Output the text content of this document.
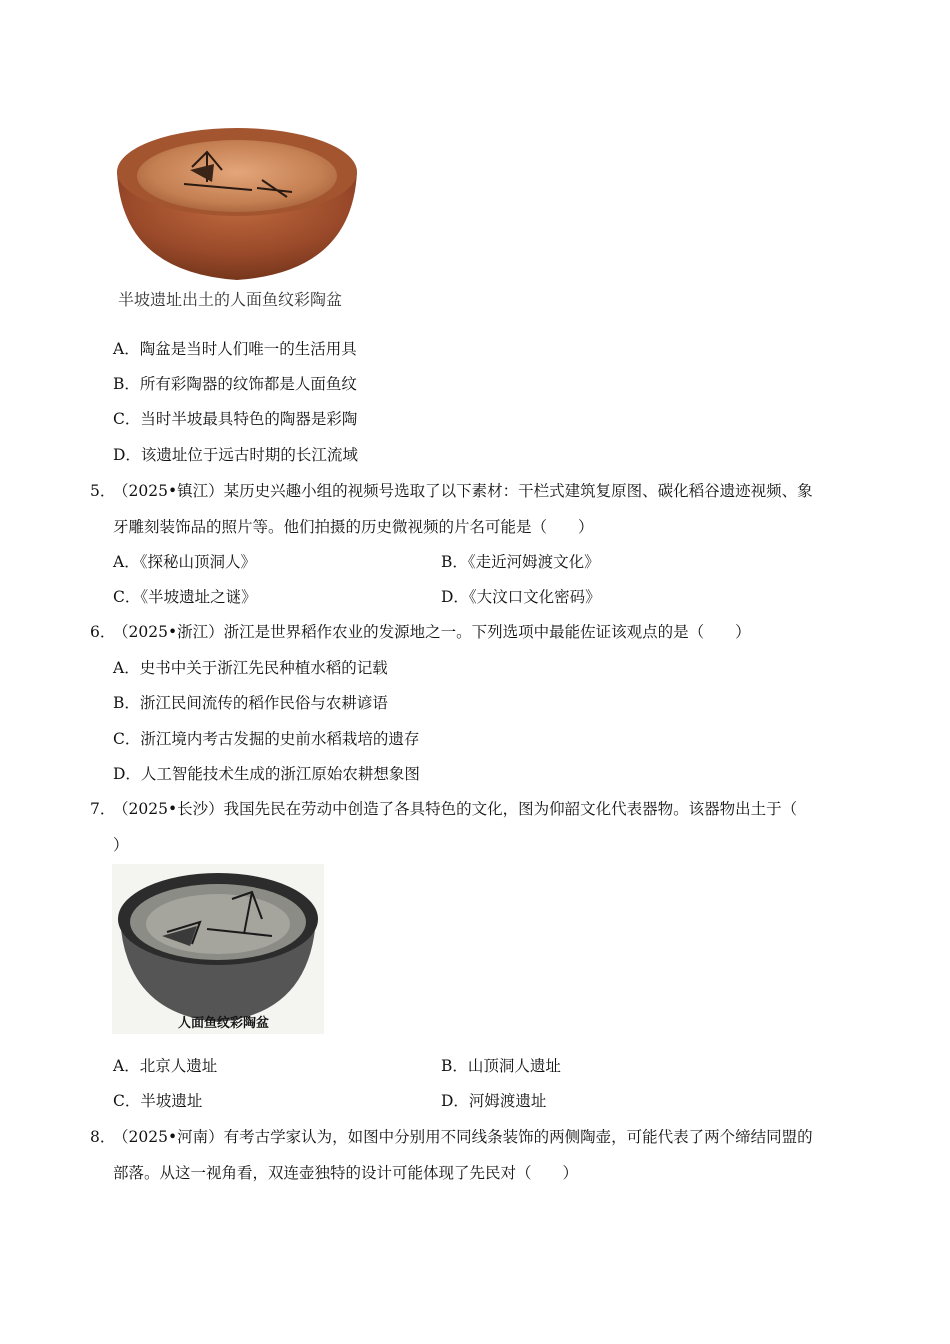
半坡遗址出土的人面鱼纹彩陶盆
A．陶盆是当时人们唯一的生活用具
B．所有彩陶器的纹饰都是人面鱼纹
C．当时半坡最具特色的陶器是彩陶
D．该遗址位于远古时期的长江流域
5．
（2025•镇江）某历史兴趣小组的视频号选取了以下素材：干栏式建筑复原图、碳化稻谷遗迹视频、象
牙雕刻装饰品的照片等。他们拍摄的历史微视频的片名可能是（　　）
A．《探秘山顶洞人》	B．《走近河姆渡文化》
C．《半坡遗址之谜》	D．《大汶口文化密码》
6．
（2025•浙江）浙江是世界稻作农业的发源地之一。下列选项中最能佐证该观点的是（　　）
A．史书中关于浙江先民种植水稻的记载
B．浙江民间流传的稻作民俗与农耕谚语
C．浙江境内考古发掘的史前水稻栽培的遗存
D．人工智能技术生成的浙江原始农耕想象图
7．
（2025•长沙）我国先民在劳动中创造了各具特色的文化，图为仰韶文化代表器物。该器物出土于（
）
人面鱼纹彩陶盆
A．北京人遗址	B．山顶洞人遗址
C．半坡遗址	D．河姆渡遗址
8．
（2025•河南）有考古学家认为，如图中分别用不同线条装饰的两侧陶壶，可能代表了两个缔结同盟的
部落。从这一视角看，双连壶独特的设计可能体现了先民对（　　）
